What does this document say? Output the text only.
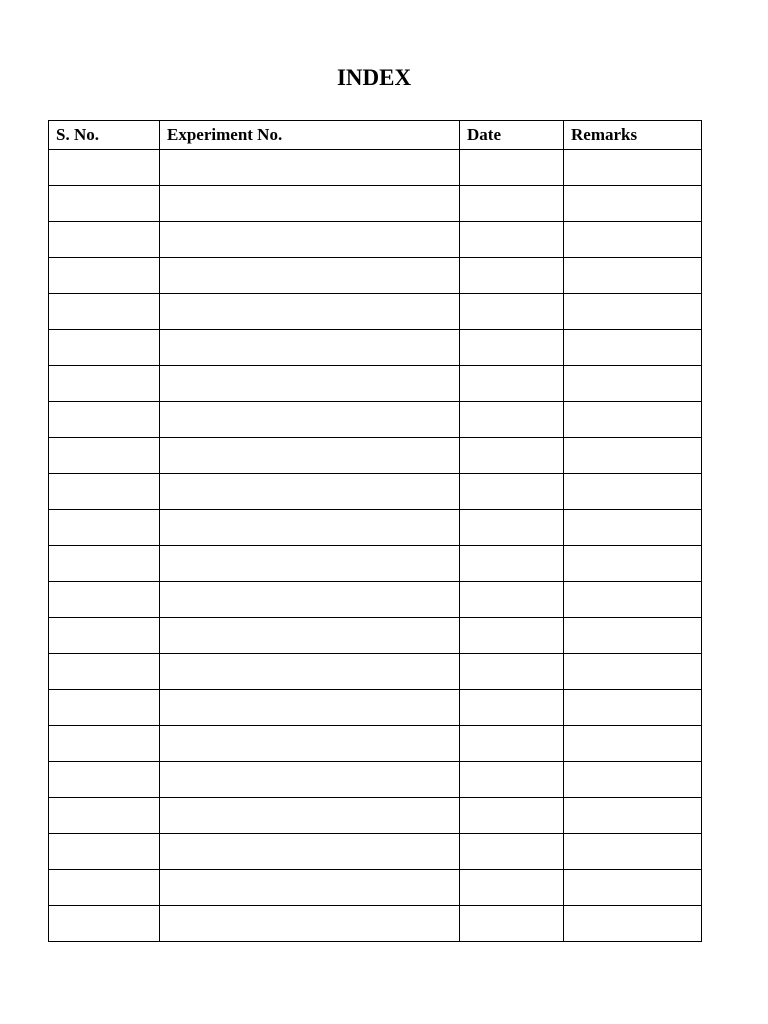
INDEX
S. No.	Experiment No.	Date	Remarks
